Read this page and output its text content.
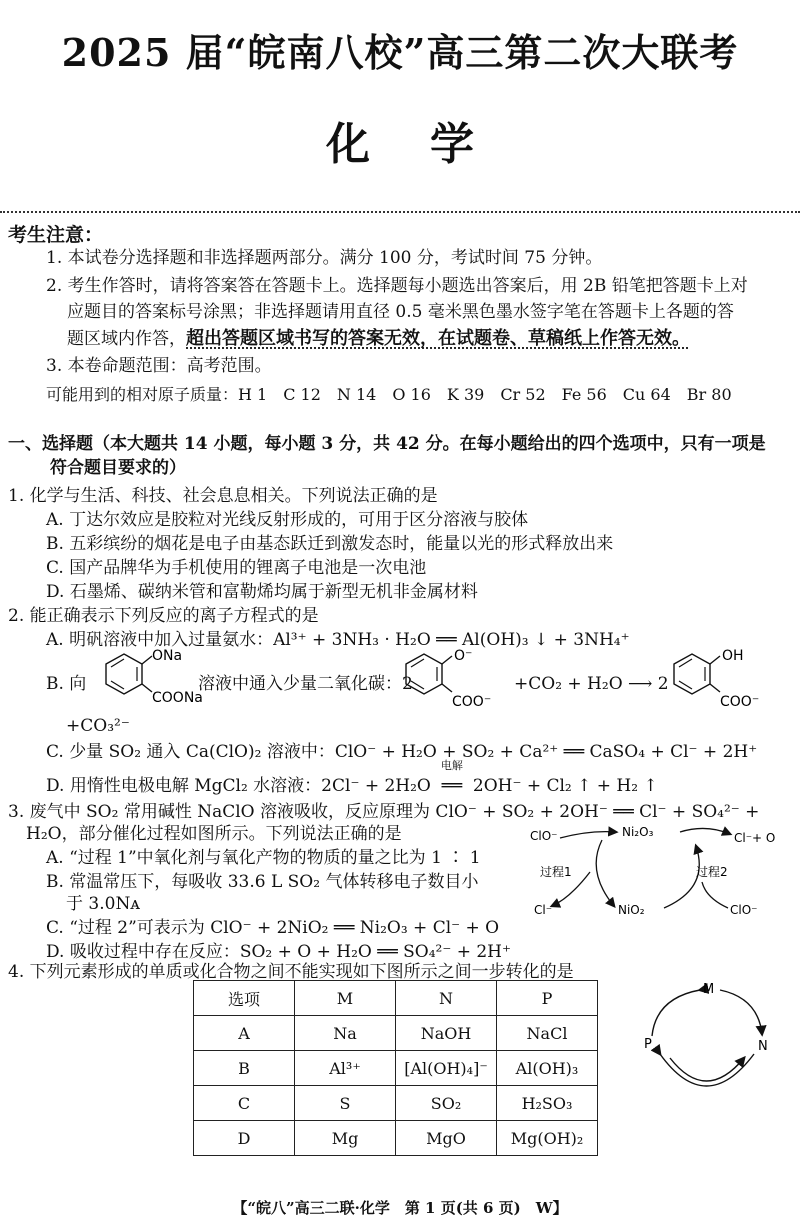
2025 届“皖南八校”高三第二次大联考
化学
考生注意：
1. 本试卷分选择题和非选择题两部分。满分 100 分，考试时间 75 分钟。
2. 考生作答时，请将答案答在答题卡上。选择题每小题选出答案后，用 2B 铅笔把答题卡上对
应题目的答案标号涂黑；非选择题请用直径 0.5 毫米黑色墨水签字笔在答题卡上各题的答
题区域内作答，超出答题区域书写的答案无效，在试题卷、草稿纸上作答无效。
3. 本卷命题范围：高考范围。
可能用到的相对原子质量：H 1　C 12　N 14　O 16　K 39　Cr 52　Fe 56　Cu 64　Br 80
一、选择题（本大题共 14 小题，每小题 3 分，共 42 分。在每小题给出的四个选项中，只有一项是
符合题目要求的）
1. 化学与生活、科技、社会息息相关。下列说法正确的是
A. 丁达尔效应是胶粒对光线反射形成的，可用于区分溶液与胶体
B. 五彩缤纷的烟花是电子由基态跃迁到激发态时，能量以光的形式释放出来
C. 国产品牌华为手机使用的锂离子电池是一次电池
D. 石墨烯、碳纳米管和富勒烯均属于新型无机非金属材料
2. 能正确表示下列反应的离子方程式的是
A. 明矾溶液中加入过量氨水：Al³⁺ + 3NH₃ · H₂O ══ Al(OH)₃ ↓ + 3NH₄⁺
B. 向
ONa
COONa
溶液中通入少量二氧化碳：2
O⁻
COO⁻
+CO₂ + H₂O ⟶ 2
OH
COO⁻
+CO₃²⁻
C. 少量 SO₂ 通入 Ca(ClO)₂ 溶液中：ClO⁻ + H₂O + SO₂ + Ca²⁺ ══ CaSO₄ + Cl⁻ + 2H⁺
D. 用惰性电极电解 MgCl₂ 水溶液：2Cl⁻ + 2H₂O
电解
══ 2OH⁻ + Cl₂ ↑ + H₂ ↑
3. 废气中 SO₂ 常用碱性 NaClO 溶液吸收，反应原理为 ClO⁻ + SO₂ + 2OH⁻ ══ Cl⁻ + SO₄²⁻ +
H₂O，部分催化过程如图所示。下列说法正确的是
A. “过程 1”中氧化剂与氧化产物的物质的量之比为 1 ∶ 1
B. 常温常压下，每吸收 33.6 L SO₂ 气体转移电子数目小
于 3.0Nᴀ
C. “过程 2”可表示为 ClO⁻ + 2NiO₂ ══ Ni₂O₃ + Cl⁻ + O
D. 吸收过程中存在反应：SO₂ + O + H₂O ══ SO₄²⁻ + 2H⁺
ClO⁻	Ni₂O₃	Cl⁻+ O
过程1	过程2
Cl⁻	NiO₂	ClO⁻
4. 下列元素形成的单质或化合物之间不能实现如下图所示之间一步转化的是
选项	M	N	P
A	Na	NaOH	NaCl
B	Al³⁺	[Al(OH)₄]⁻	Al(OH)₃
C	S	SO₂	H₂SO₃
D	Mg	MgO	Mg(OH)₂
M
P	N
【“皖八”高三二联·化学　第 1 页(共 6 页)　W】
